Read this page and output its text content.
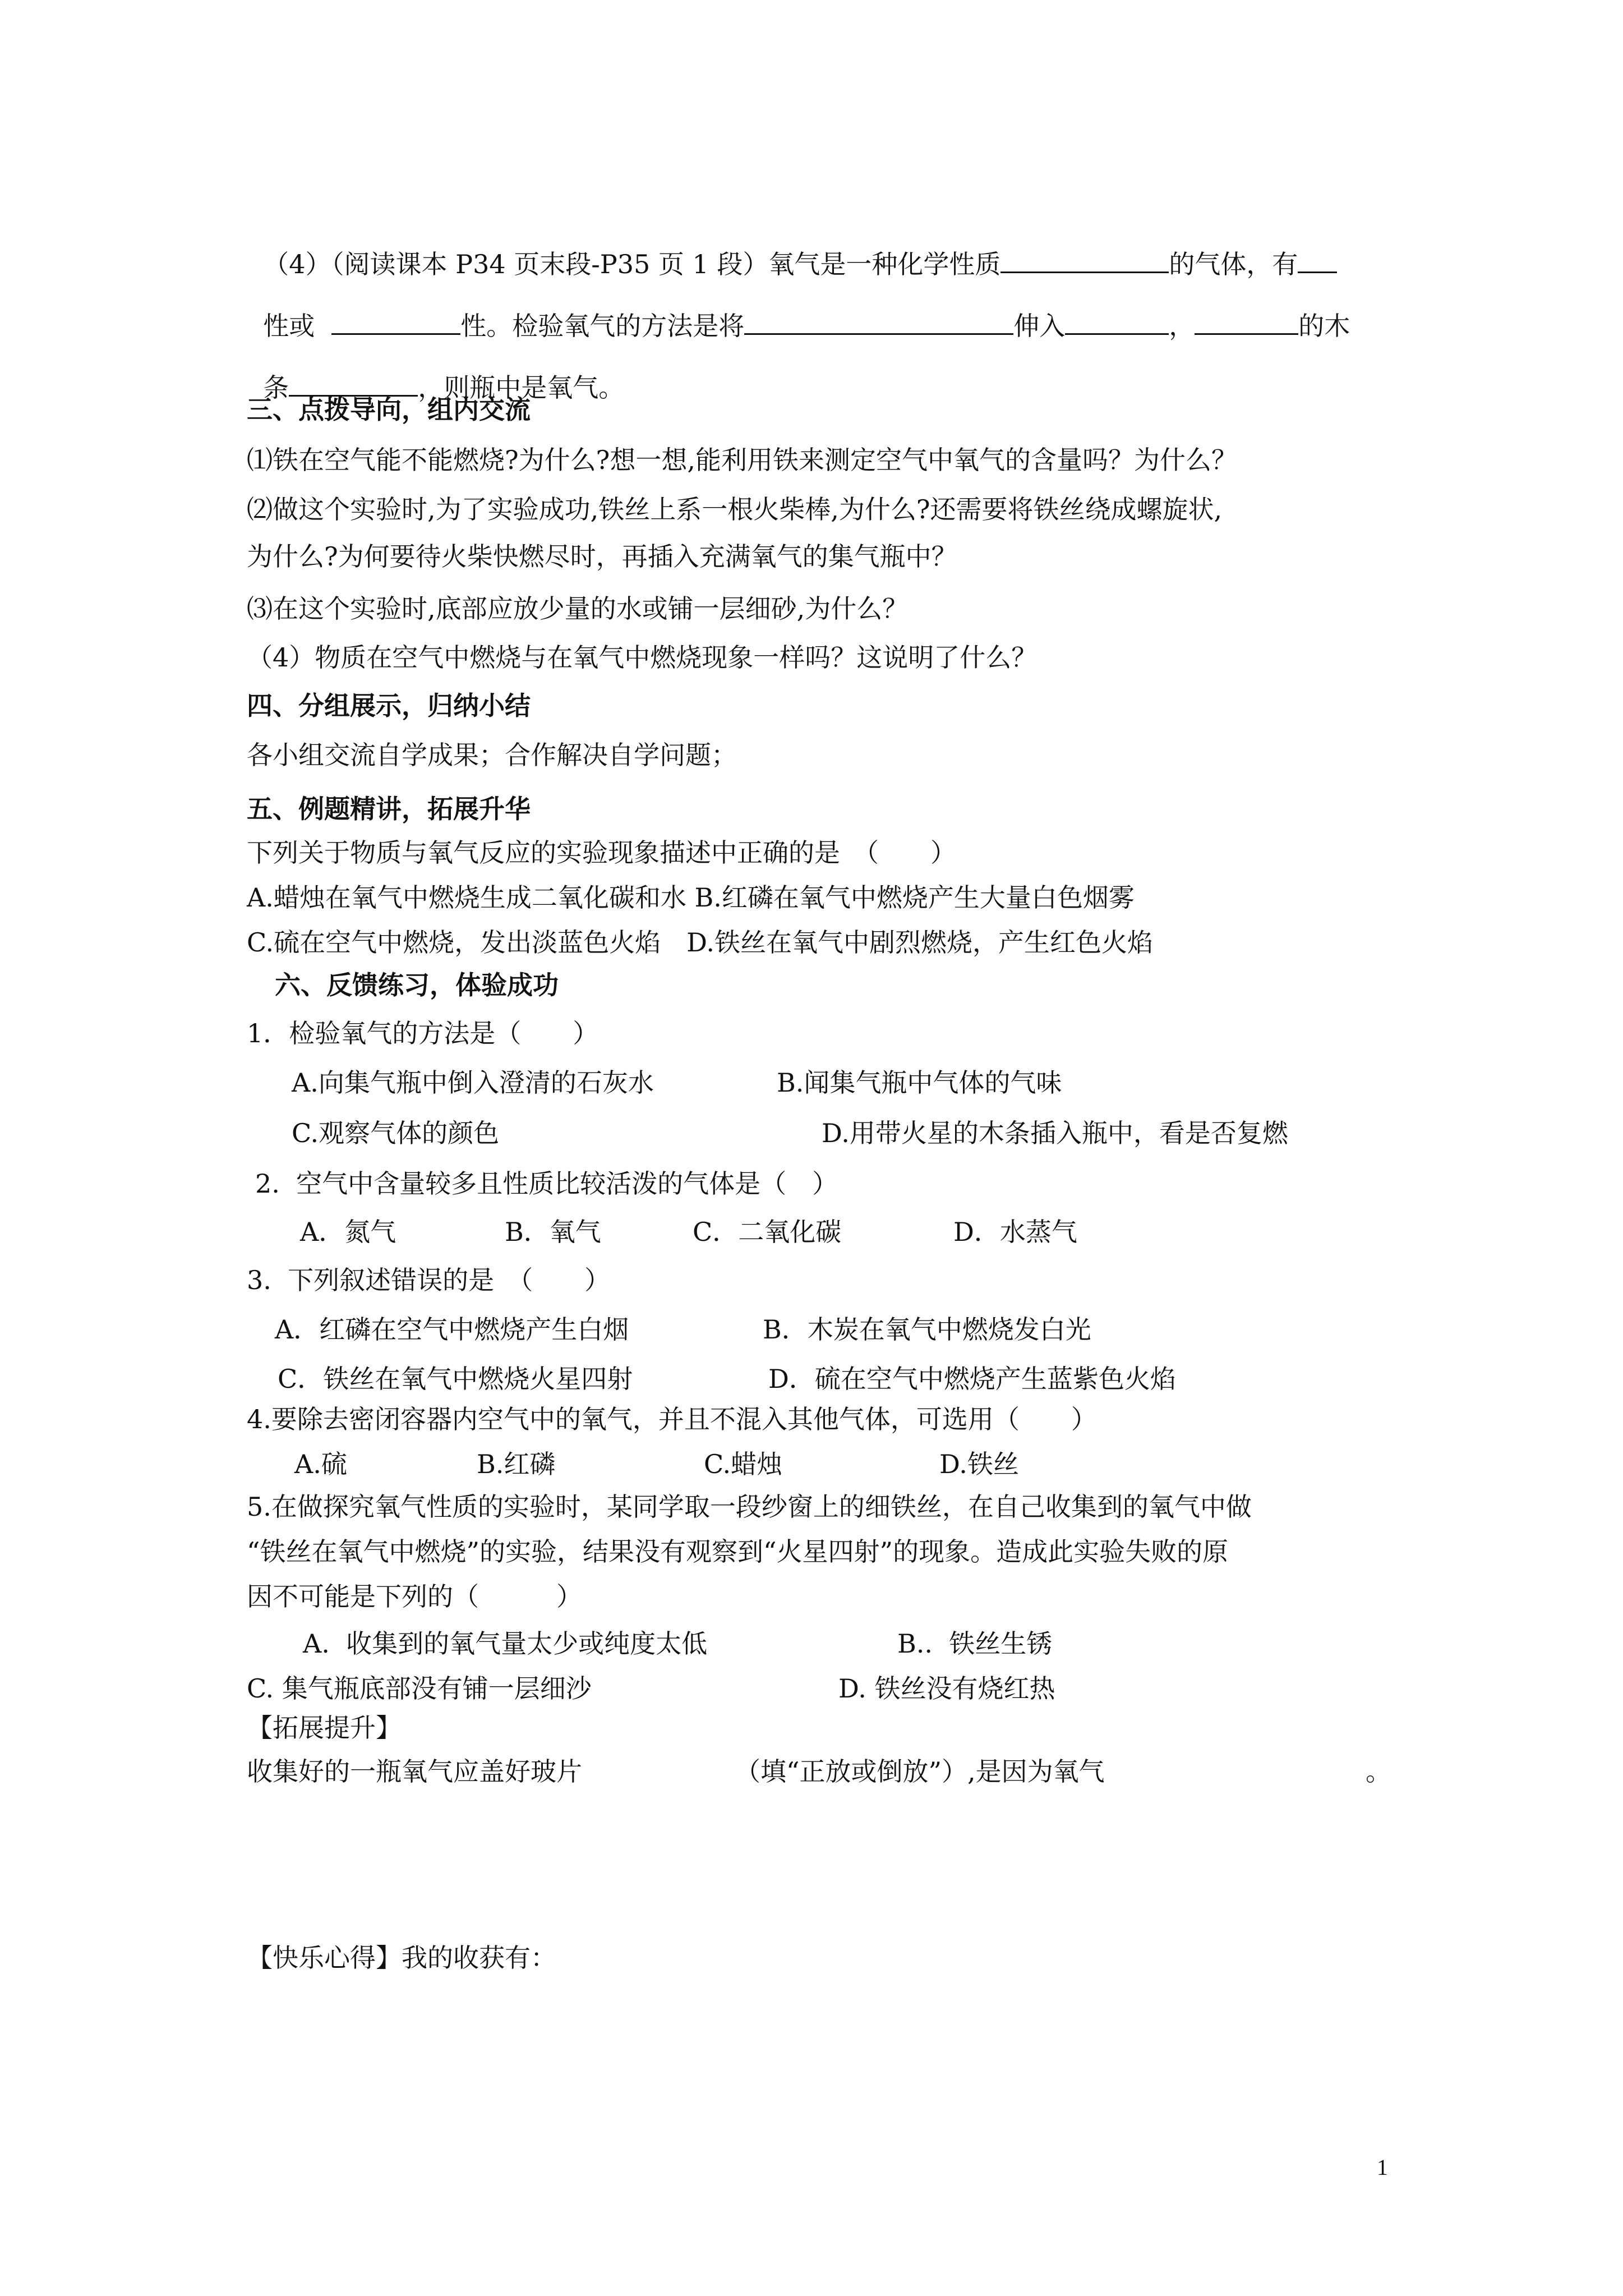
（4）（阅读课本 P34 页末段-P35 页 1 段）氧气是一种化学性质	的气体，有

性或	性。检验氧气的方法是将	伸入	，	的木

条	，则瓶中是氧气。

三、点拨导向，组内交流
⑴铁在空气能不能燃烧?为什么?想一想,能利用铁来测定空气中氧气的含量吗？为什么？
⑵做这个实验时,为了实验成功,铁丝上系一根火柴棒,为什么?还需要将铁丝绕成螺旋状,
为什么?为何要待火柴快燃尽时，再插入充满氧气的集气瓶中？
⑶在这个实验时,底部应放少量的水或铺一层细砂,为什么？
（4）物质在空气中燃烧与在氧气中燃烧现象一样吗？这说明了什么？
四、分组展示，归纳小结
各小组交流自学成果；合作解决自学问题；
五、例题精讲，拓展升华
下列关于物质与氧气反应的实验现象描述中正确的是　（　　）
A.蜡烛在氧气中燃烧生成二氧化碳和水 B.红磷在氧气中燃烧产生大量白色烟雾
C.硫在空气中燃烧，发出淡蓝色火焰　D.铁丝在氧气中剧烈燃烧，产生红色火焰
六、反馈练习，体验成功
1．检验氧气的方法是（　　）
A.向集气瓶中倒入澄清的石灰水	B.闻集气瓶中气体的气味
C.观察气体的颜色	D.用带火星的木条插入瓶中，看是否复燃
2.  空气中含量较多且性质比较活泼的气体是（　）
A．氮气	B．氧气	C．二氧化碳	D．水蒸气
3.  下列叙述错误的是　（　　）
A．红磷在空气中燃烧产生白烟	B．木炭在氧气中燃烧发白光
C．铁丝在氧气中燃烧火星四射	D．硫在空气中燃烧产生蓝紫色火焰
4.要除去密闭容器内空气中的氧气，并且不混入其他气体，可选用（　　）
A.硫	B.红磷	C.蜡烛	D.铁丝
5.在做探究氧气性质的实验时，某同学取一段纱窗上的细铁丝，在自己收集到的氧气中做
“铁丝在氧气中燃烧”的实验，结果没有观察到“火星四射”的现象。造成此实验失败的原
因不可能是下列的（　　　）
A.  收集到的氧气量太少或纯度太低	B..  铁丝生锈
C. 集气瓶底部没有铺一层细沙	D. 铁丝没有烧红热
【拓展提升】
收集好的一瓶氧气应盖好玻片	（填“正放或倒放”）,是因为氧气	。
【快乐心得】我的收获有：
1
